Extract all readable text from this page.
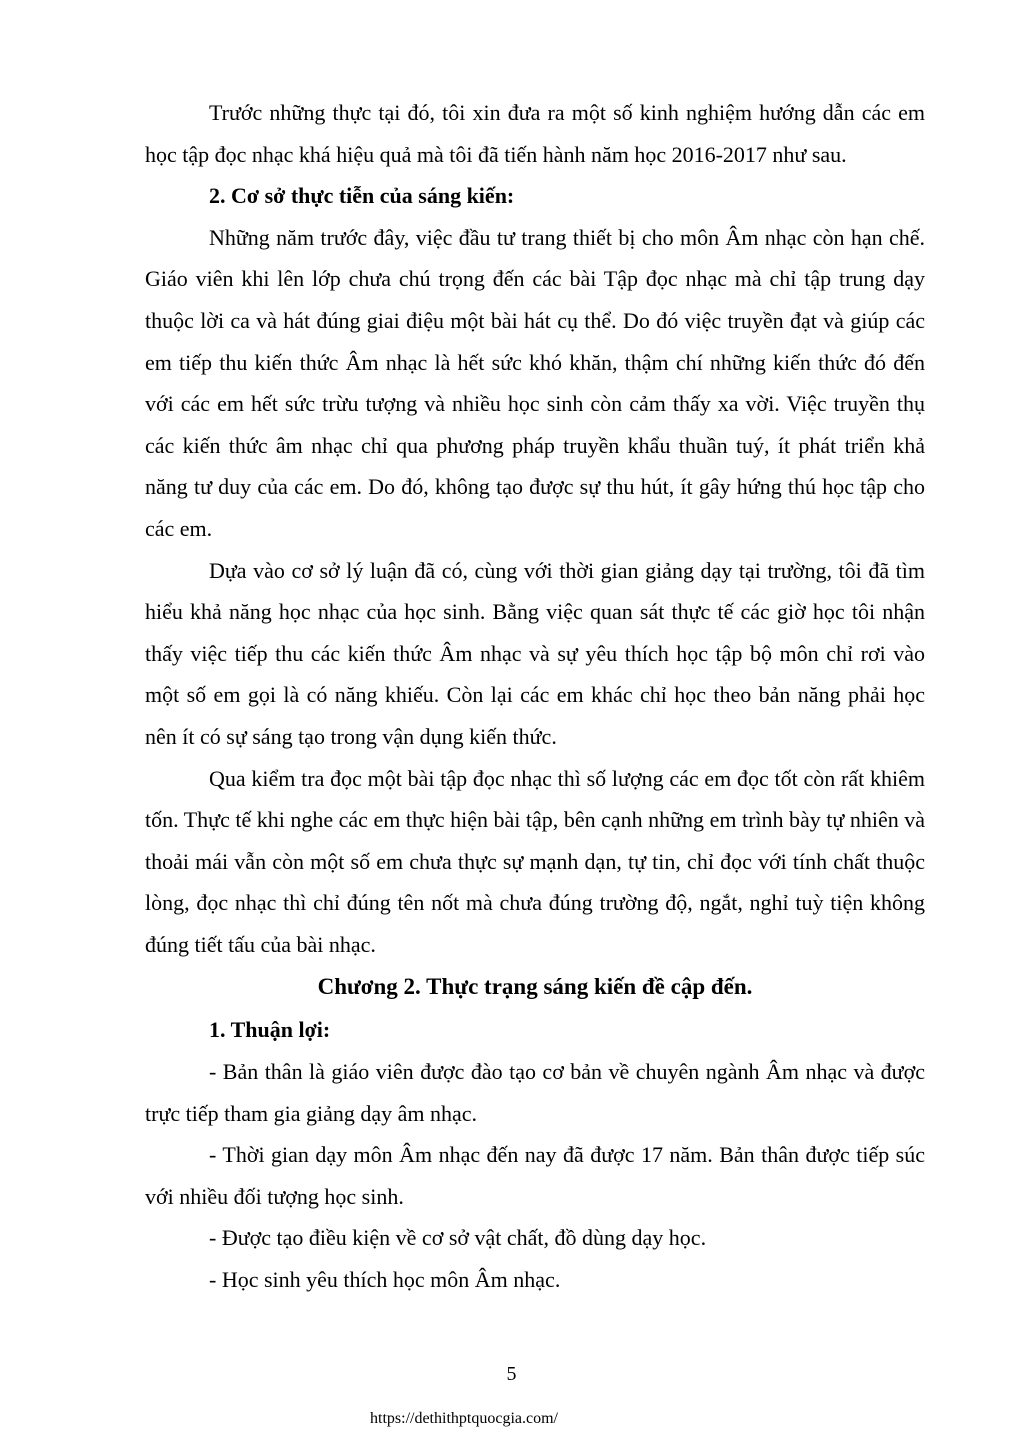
Trước những thực tại đó, tôi xin đưa ra một số kinh nghiệm hướng dẫn các em học tập đọc nhạc khá hiệu quả mà tôi đã tiến hành năm học 2016-2017 như sau.

2. Cơ sở thực tiễn của sáng kiến:

Những năm trước đây, việc đầu tư trang thiết bị cho môn Âm nhạc còn hạn chế. Giáo viên khi lên lớp chưa chú trọng đến các bài Tập đọc nhạc mà chỉ tập trung dạy thuộc lời ca và hát đúng giai điệu một bài hát cụ thể. Do đó việc truyền đạt và giúp các em tiếp thu kiến thức Âm nhạc là hết sức khó khăn, thậm chí những kiến thức đó đến với các em hết sức trừu tượng và nhiều học sinh còn cảm thấy xa vời. Việc truyền thụ các kiến thức âm nhạc chỉ qua phương pháp truyền khẩu thuần tuý, ít phát triển khả năng tư duy của các em. Do đó, không tạo được sự thu hút, ít gây hứng thú học tập cho các em.

Dựa vào cơ sở lý luận đã có, cùng với thời gian giảng dạy tại trường, tôi đã tìm hiểu khả năng học nhạc của học sinh. Bằng việc quan sát thực tế các giờ học tôi nhận thấy việc tiếp thu các kiến thức Âm nhạc và sự yêu thích học tập bộ môn chỉ rơi vào một số em gọi là có năng khiếu. Còn lại các em khác chỉ học theo bản năng phải học nên ít có sự sáng tạo trong vận dụng kiến thức.

Qua kiểm tra đọc một bài tập đọc nhạc thì số lượng các em đọc tốt còn rất khiêm tốn. Thực tế khi nghe các em thực hiện bài tập, bên cạnh những em trình bày tự nhiên và thoải mái vẫn còn một số em chưa thực sự mạnh dạn, tự tin, chỉ đọc với tính chất thuộc lòng, đọc nhạc thì chỉ đúng tên nốt mà chưa đúng trường độ, ngắt, nghỉ tuỳ tiện không đúng tiết tấu của bài nhạc.

Chương 2. Thực trạng sáng kiến đề cập đến.

1. Thuận lợi:

- Bản thân là giáo viên được đào tạo cơ bản về chuyên ngành Âm nhạc và được trực tiếp tham gia giảng dạy âm nhạc.

- Thời gian dạy môn Âm nhạc đến nay đã được 17 năm. Bản thân được tiếp súc với nhiều đối tượng học sinh.

- Được tạo điều kiện về cơ sở vật chất, đồ dùng dạy học.

- Học sinh yêu thích học môn Âm nhạc.

5
https://dethithptquocgia.com/
